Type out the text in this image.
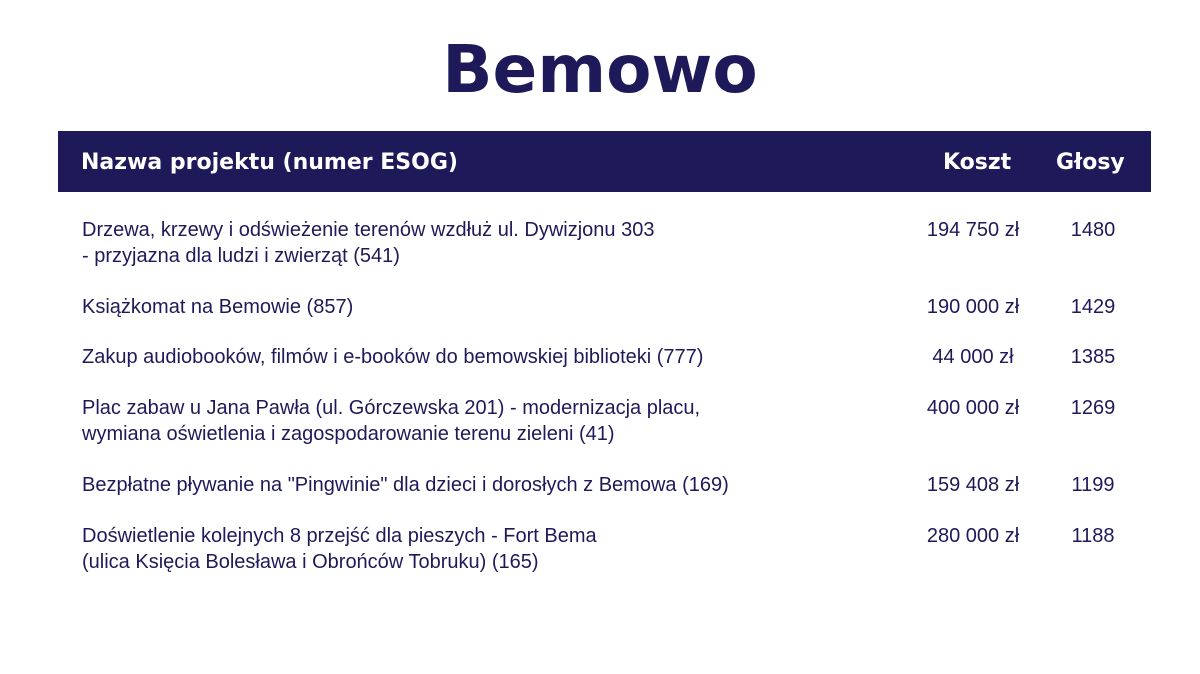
Bemowo
Nazwa projektu (numer ESOG)	Koszt Głosy
Drzewa, krzewy i odświeżenie terenów wzdłuż ul. Dywizjonu 303
- przyjazna dla ludzi i zwierząt (541)
194 750 zł	1480
Książkomat na Bemowie (857)	190 000 zł	1429
Zakup audiobooków, filmów i e-booków do bemowskiej biblioteki (777)	44 000 zł	1385
Plac zabaw u Jana Pawła (ul. Górczewska 201) - modernizacja placu,
wymiana oświetlenia i zagospodarowanie terenu zieleni (41)
400 000 zł	1269
Bezpłatne pływanie na "Pingwinie" dla dzieci i dorosłych z Bemowa (169)	159 408 zł	1199
Doświetlenie kolejnych 8 przejść dla pieszych - Fort Bema
(ulica Księcia Bolesława i Obrońców Tobruku) (165)
280 000 zł	1188
